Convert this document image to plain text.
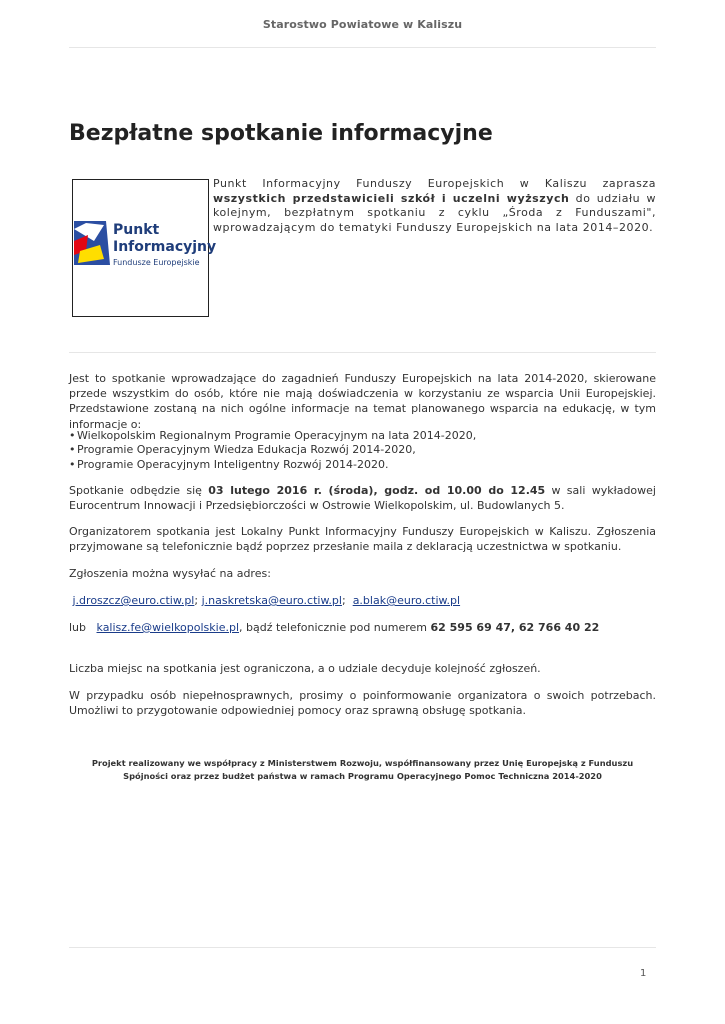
Starostwo Powiatowe w Kaliszu
Bezpłatne spotkanie informacyjne
Punkt
Informacyjny
Fundusze Europejskie

Punkt Informacyjny Funduszy Europejskich w Kaliszu zaprasza wszystkich przedstawicieli szkół i uczelni wyższych do udziału w kolejnym, bezpłatnym spotkaniu z cyklu „Środa z Funduszami", wprowadzającym do tematyki Funduszy Europejskich na lata 2014–2020.

Jest to spotkanie wprowadzające do zagadnień Funduszy Europejskich na lata 2014-2020, skierowane przede wszystkim do osób, które nie mają doświadczenia w korzystaniu ze wsparcia Unii Europejskiej. Przedstawione zostaną na nich ogólne informacje na temat planowanego wsparcia na edukację, w tym informacje o:

• Wielkopolskim Regionalnym Programie Operacyjnym na lata 2014-2020,
• Programie Operacyjnym Wiedza Edukacja Rozwój 2014-2020,
• Programie Operacyjnym Inteligentny Rozwój 2014-2020.

Spotkanie odbędzie się 03 lutego 2016 r. (środa), godz. od 10.00 do 12.45 w sali wykładowej Eurocentrum Innowacji i Przedsiębiorczości w Ostrowie Wielkopolskim, ul. Budowlanych 5.

Organizatorem spotkania jest Lokalny Punkt Informacyjny Funduszy Europejskich w Kaliszu. Zgłoszenia przyjmowane są telefonicznie bądź poprzez przesłanie maila z deklaracją uczestnictwa w spotkaniu.

Zgłoszenia można wysyłać na adres:

j.droszcz@euro.ctiw.pl; j.naskretska@euro.ctiw.pl; a.blak@euro.ctiw.pl

lub kalisz.fe@wielkopolskie.pl, bądź telefonicznie pod numerem 62 595 69 47, 62 766 40 22

Liczba miejsc na spotkania jest ograniczona, a o udziale decyduje kolejność zgłoszeń.

W przypadku osób niepełnosprawnych, prosimy o poinformowanie organizatora o swoich potrzebach. Umożliwi to przygotowanie odpowiedniej pomocy oraz sprawną obsługę spotkania.

Projekt realizowany we współpracy z Ministerstwem Rozwoju, współfinansowany przez Unię Europejską z Funduszu Spójności oraz przez budżet państwa w ramach Programu Operacyjnego Pomoc Techniczna 2014-2020
1
